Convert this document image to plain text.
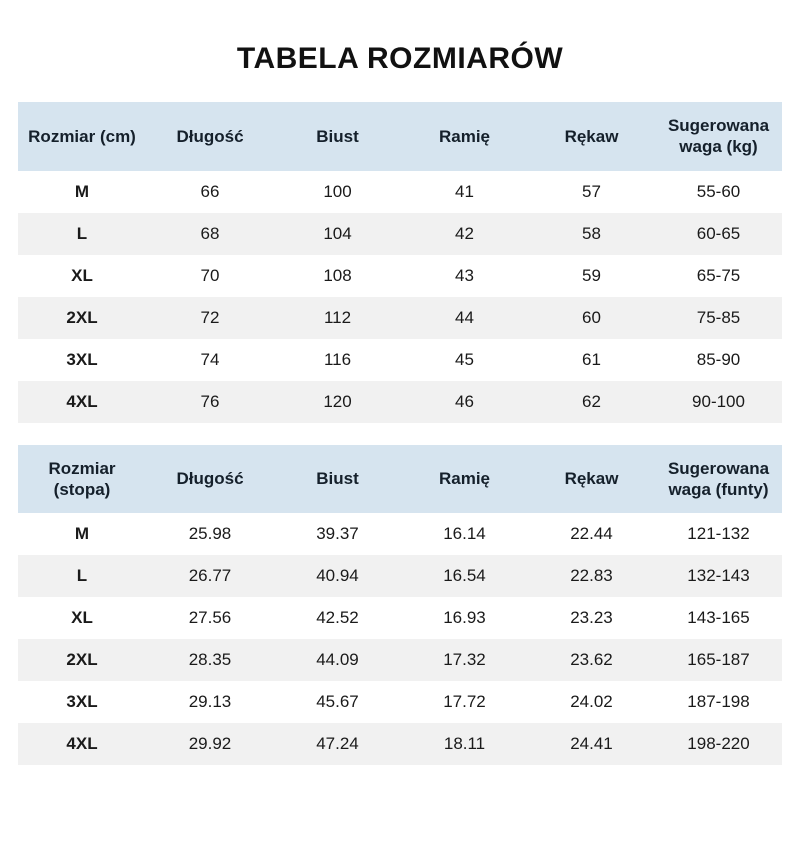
TABELA ROZMIARÓW
Rozmiar (cm)	Długość	Biust	Ramię	Rękaw	Sugerowana waga (kg)
M	66	100	41	57	55-60
L	68	104	42	58	60-65
XL	70	108	43	59	65-75
2XL	72	112	44	60	75-85
3XL	74	116	45	61	85-90
4XL	76	120	46	62	90-100
Rozmiar (stopa)	Długość	Biust	Ramię	Rękaw	Sugerowana waga (funty)
M	25.98	39.37	16.14	22.44	121-132
L	26.77	40.94	16.54	22.83	132-143
XL	27.56	42.52	16.93	23.23	143-165
2XL	28.35	44.09	17.32	23.62	165-187
3XL	29.13	45.67	17.72	24.02	187-198
4XL	29.92	47.24	18.11	24.41	198-220
